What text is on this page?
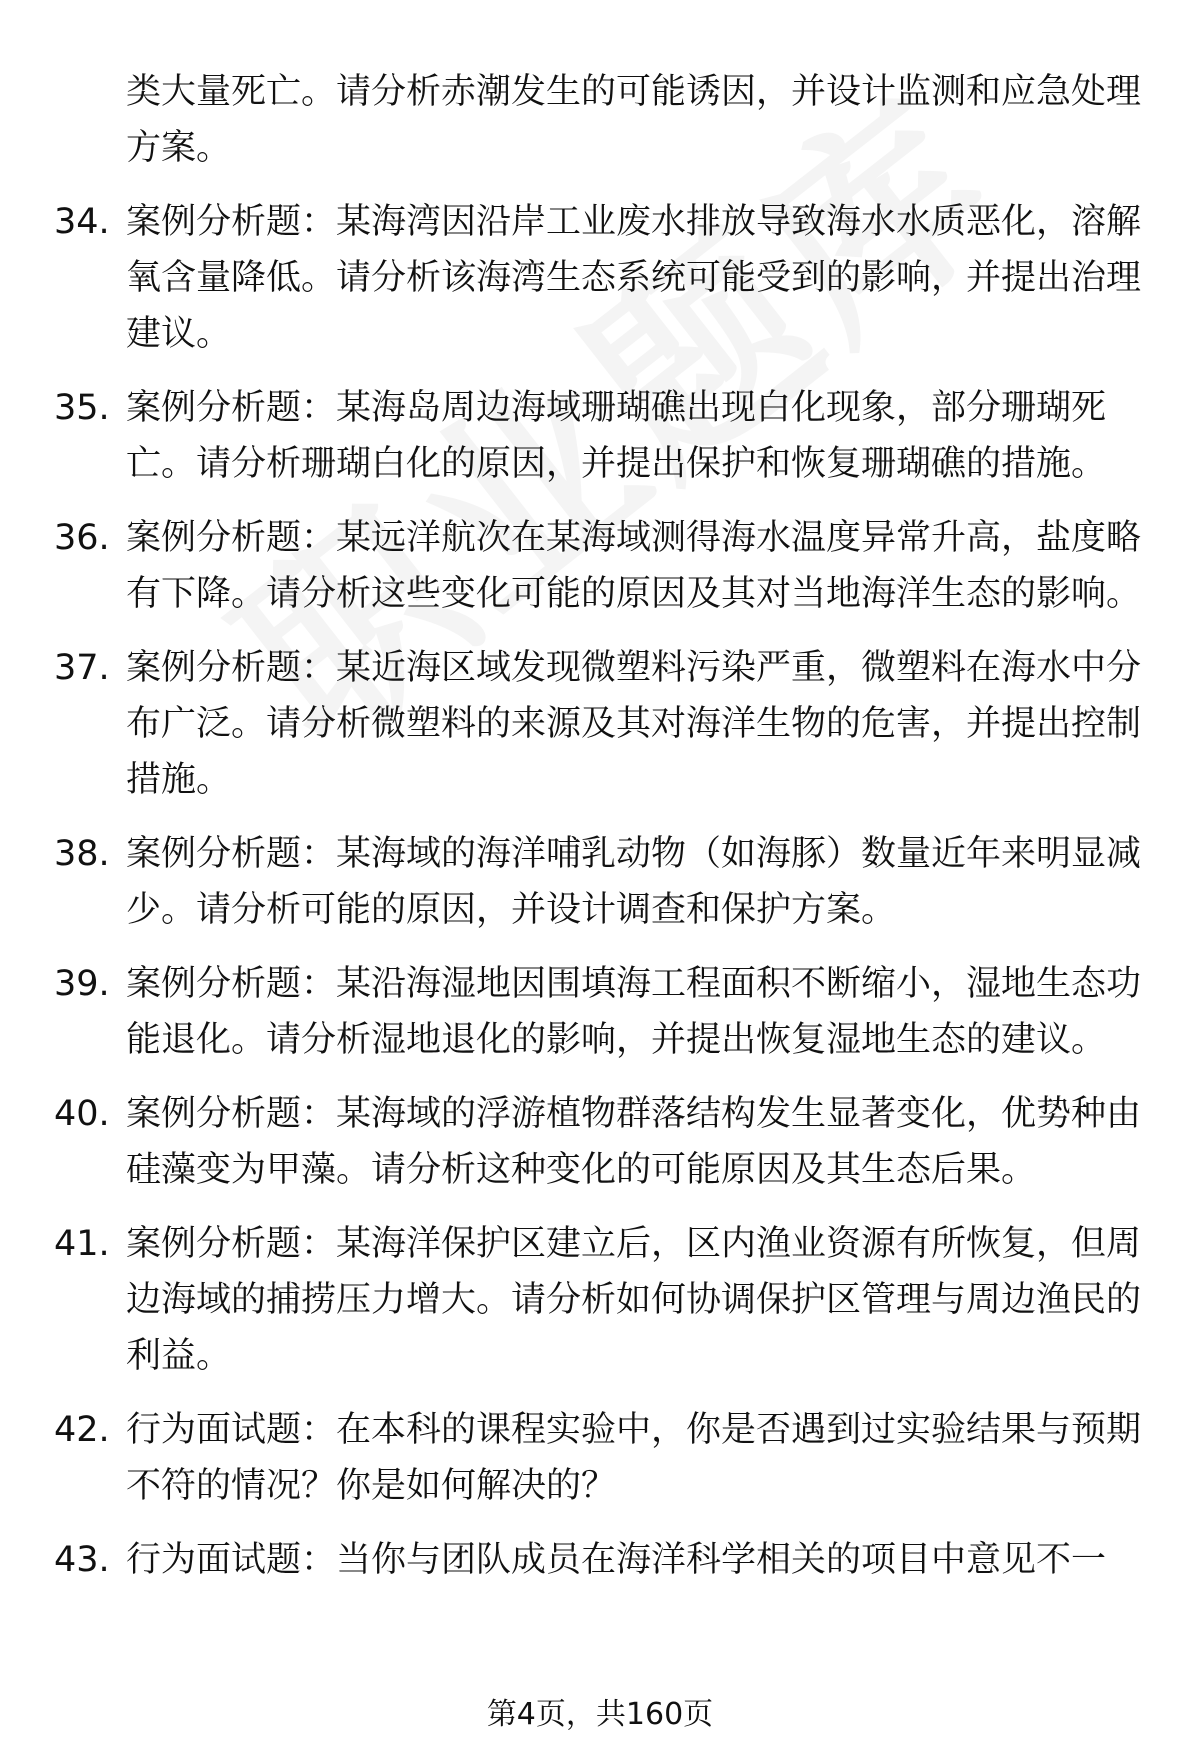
类大量死亡。请分析赤潮发生的可能诱因，并设计监测和应急处理方案。
34. 案例分析题：某海湾因沿岸工业废水排放导致海水水质恶化，溶解氧含量降低。请分析该海湾生态系统可能受到的影响，并提出治理建议。
35. 案例分析题：某海岛周边海域珊瑚礁出现白化现象，部分珊瑚死亡。请分析珊瑚白化的原因，并提出保护和恢复珊瑚礁的措施。
36. 案例分析题：某远洋航次在某海域测得海水温度异常升高，盐度略有下降。请分析这些变化可能的原因及其对当地海洋生态的影响。
37. 案例分析题：某近海区域发现微塑料污染严重，微塑料在海水中分布广泛。请分析微塑料的来源及其对海洋生物的危害，并提出控制措施。
38. 案例分析题：某海域的海洋哺乳动物（如海豚）数量近年来明显减少。请分析可能的原因，并设计调查和保护方案。
39. 案例分析题：某沿海湿地因围填海工程面积不断缩小，湿地生态功能退化。请分析湿地退化的影响，并提出恢复湿地生态的建议。
40. 案例分析题：某海域的浮游植物群落结构发生显著变化，优势种由硅藻变为甲藻。请分析这种变化的可能原因及其生态后果。
41. 案例分析题：某海洋保护区建立后，区内渔业资源有所恢复，但周边海域的捕捞压力增大。请分析如何协调保护区管理与周边渔民的利益。
42. 行为面试题：在本科的课程实验中，你是否遇到过实验结果与预期不符的情况？你是如何解决的？
43. 行为面试题：当你与团队成员在海洋科学相关的项目中意见不一
第4页，共160页
